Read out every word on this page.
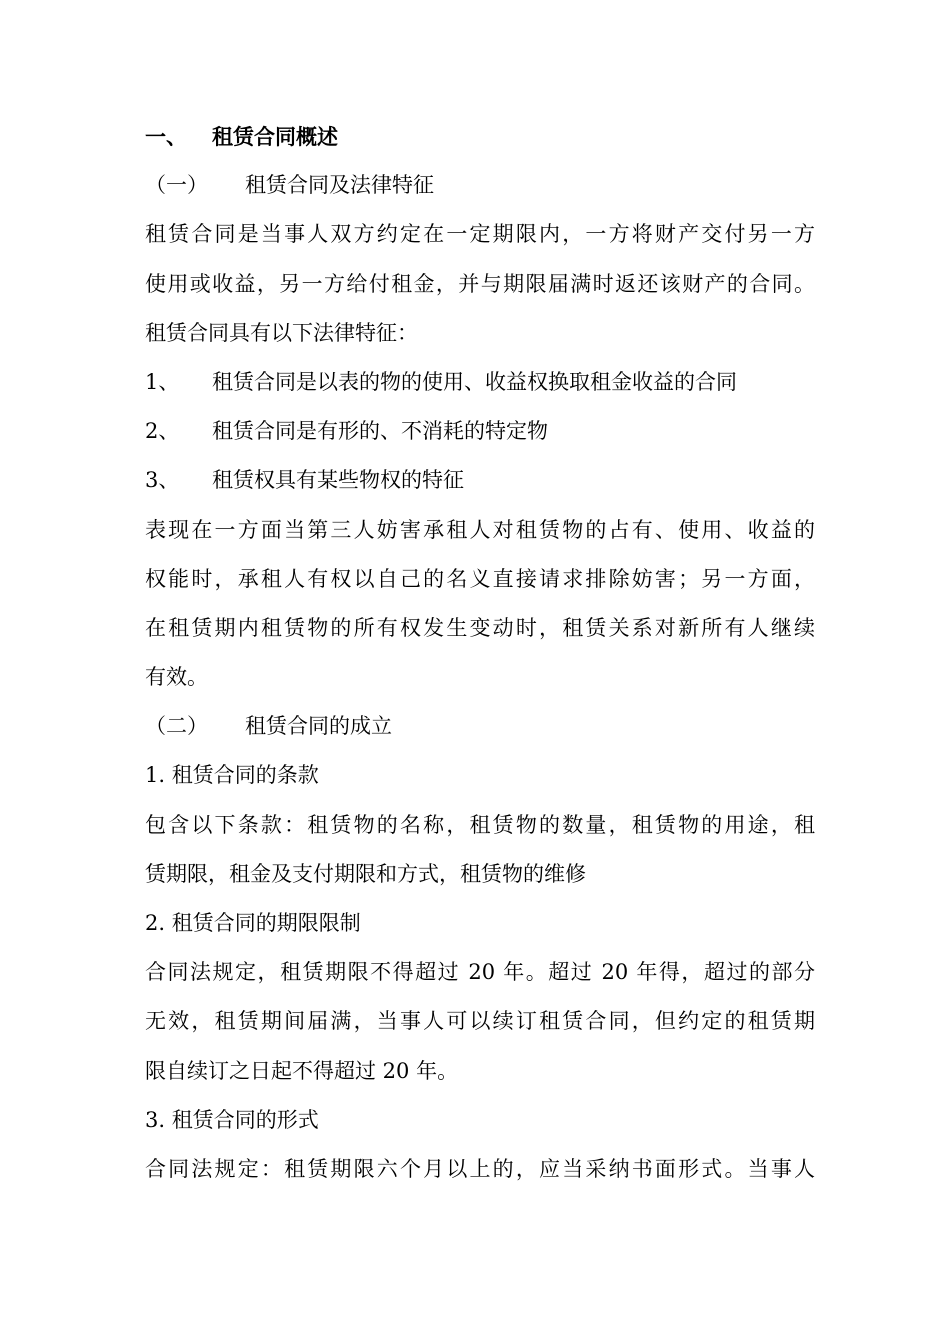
一、 租赁合同概述
（一） 租赁合同及法律特征
租赁合同是当事人双方约定在一定期限内，一方将财产交付另一方
使用或收益，另一方给付租金，并与期限届满时返还该财产的合同。
租赁合同具有以下法律特征：
1、 租赁合同是以表的物的使用、收益权换取租金收益的合同
2、 租赁合同是有形的、不消耗的特定物
3、 租赁权具有某些物权的特征
表现在一方面当第三人妨害承租人对租赁物的占有、使用、收益的
权能时，承租人有权以自己的名义直接请求排除妨害；另一方面，
在租赁期内租赁物的所有权发生变动时，租赁关系对新所有人继续
有效。
（二） 租赁合同的成立
1. 租赁合同的条款
包含以下条款：租赁物的名称，租赁物的数量，租赁物的用途，租
赁期限，租金及支付期限和方式，租赁物的维修
2. 租赁合同的期限限制
合同法规定，租赁期限不得超过 20 年。超过 20 年得，超过的部分
无效，租赁期间届满，当事人可以续订租赁合同，但约定的租赁期
限自续订之日起不得超过 20 年。
3. 租赁合同的形式
合同法规定：租赁期限六个月以上的，应当采纳书面形式。当事人
